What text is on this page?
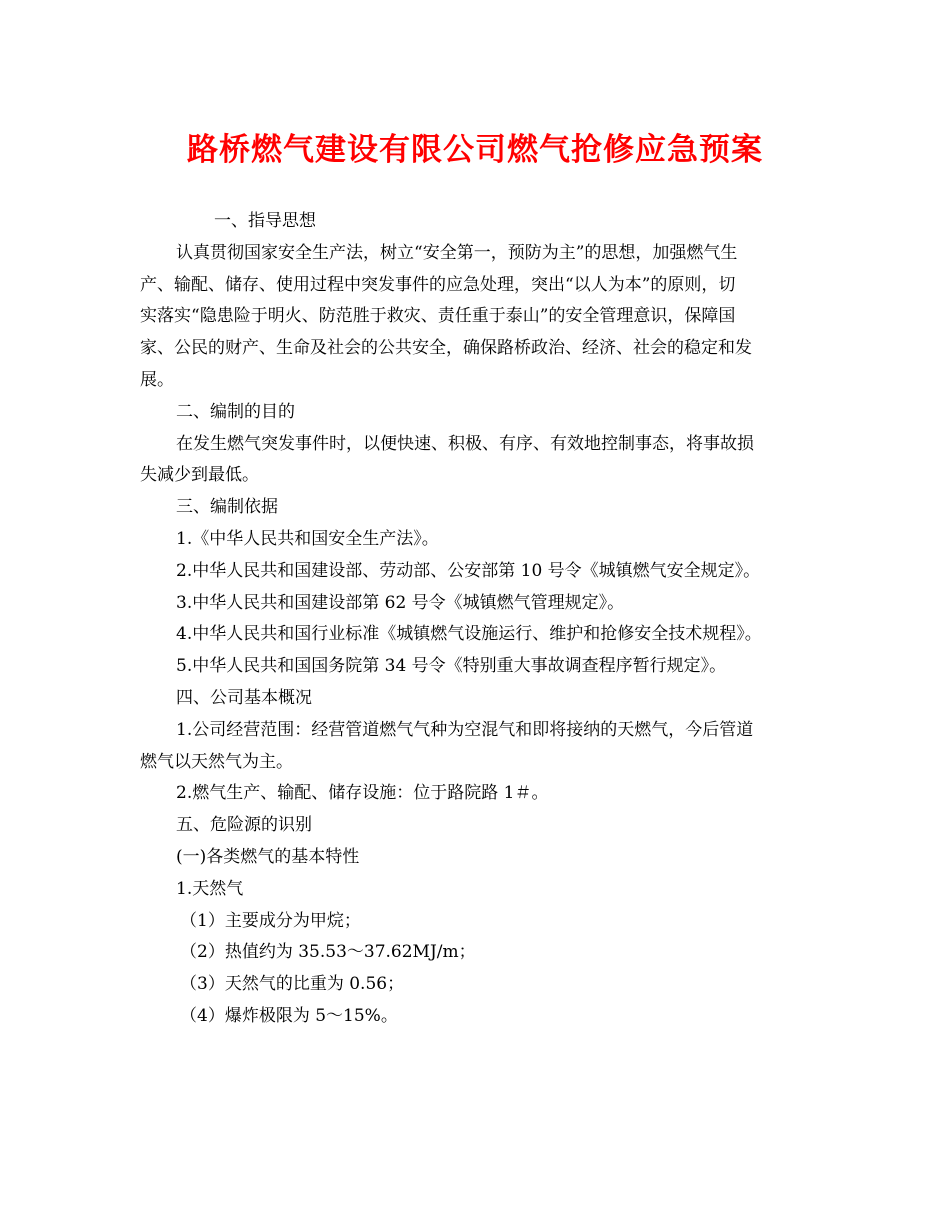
路桥燃气建设有限公司燃气抢修应急预案
一、指导思想
认真贯彻国家安全生产法，树立“安全第一，预防为主”的思想，加强燃气生
产、输配、储存、使用过程中突发事件的应急处理，突出“以人为本”的原则，切
实落实“隐患险于明火、防范胜于救灾、责任重于泰山”的安全管理意识，保障国
家、公民的财产、生命及社会的公共安全，确保路桥政治、经济、社会的稳定和发
展。
二、编制的目的
在发生燃气突发事件时，以便快速、积极、有序、有效地控制事态，将事故损
失减少到最低。
三、编制依据
1.《中华人民共和国安全生产法》。
2.中华人民共和国建设部、劳动部、公安部第 10 号令《城镇燃气安全规定》。
3.中华人民共和国建设部第 62 号令《城镇燃气管理规定》。
4.中华人民共和国行业标准《城镇燃气设施运行、维护和抢修安全技术规程》。
5.中华人民共和国国务院第 34 号令《特别重大事故调查程序暂行规定》。
四、公司基本概况
1.公司经营范围：经营管道燃气气种为空混气和即将接纳的天燃气，今后管道
燃气以天然气为主。
2.燃气生产、输配、储存设施：位于路院路 1＃。
五、危险源的识别
(一)各类燃气的基本特性
1.天然气
（1）主要成分为甲烷；
（2）热值约为 35.53～37.62MJ/m；
（3）天然气的比重为 0.56；
（4）爆炸极限为 5～15%。
